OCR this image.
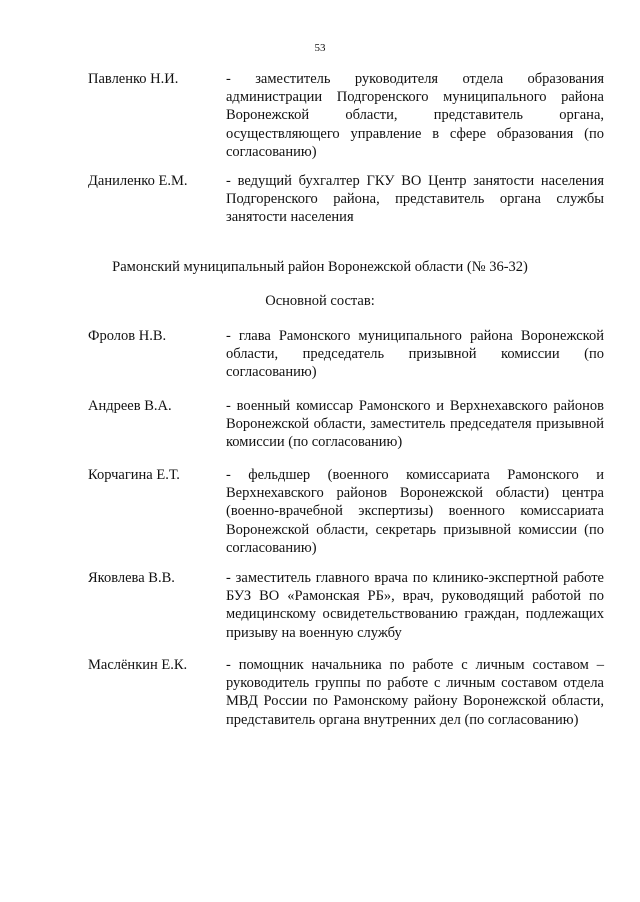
53
Павленко Н.И.	- заместитель руководителя отдела образования администрации Подгоренского муниципального района Воронежской области, представитель органа, осуществляющего управление в сфере образования (по согласованию)
Даниленко Е.М.	- ведущий бухгалтер ГКУ ВО Центр занятости населения Подгоренского района, представитель органа службы занятости населения
Рамонский муниципальный район Воронежской области (№ 36-32)
Основной состав:
Фролов Н.В.	- глава Рамонского муниципального района Воронежской области, председатель призывной комиссии (по согласованию)
Андреев В.А.	- военный комиссар Рамонского и Верхнехавского районов Воронежской области, заместитель председателя призывной комиссии (по согласованию)
Корчагина Е.Т.	- фельдшер (военного комиссариата Рамонского и Верхнехавского районов Воронежской области) центра (военно-врачебной экспертизы) военного комиссариата Воронежской области, секретарь призывной комиссии (по согласованию)
Яковлева В.В.	- заместитель главного врача по клинико-экспертной работе БУЗ ВО «Рамонская РБ», врач, руководящий работой по медицинскому освидетельствованию граждан, подлежащих призыву на военную службу
Маслёнкин Е.К.	- помощник начальника по работе с личным составом – руководитель группы по работе с личным составом отдела МВД России по Рамонскому району Воронежской области, представитель органа внутренних дел (по согласованию)
